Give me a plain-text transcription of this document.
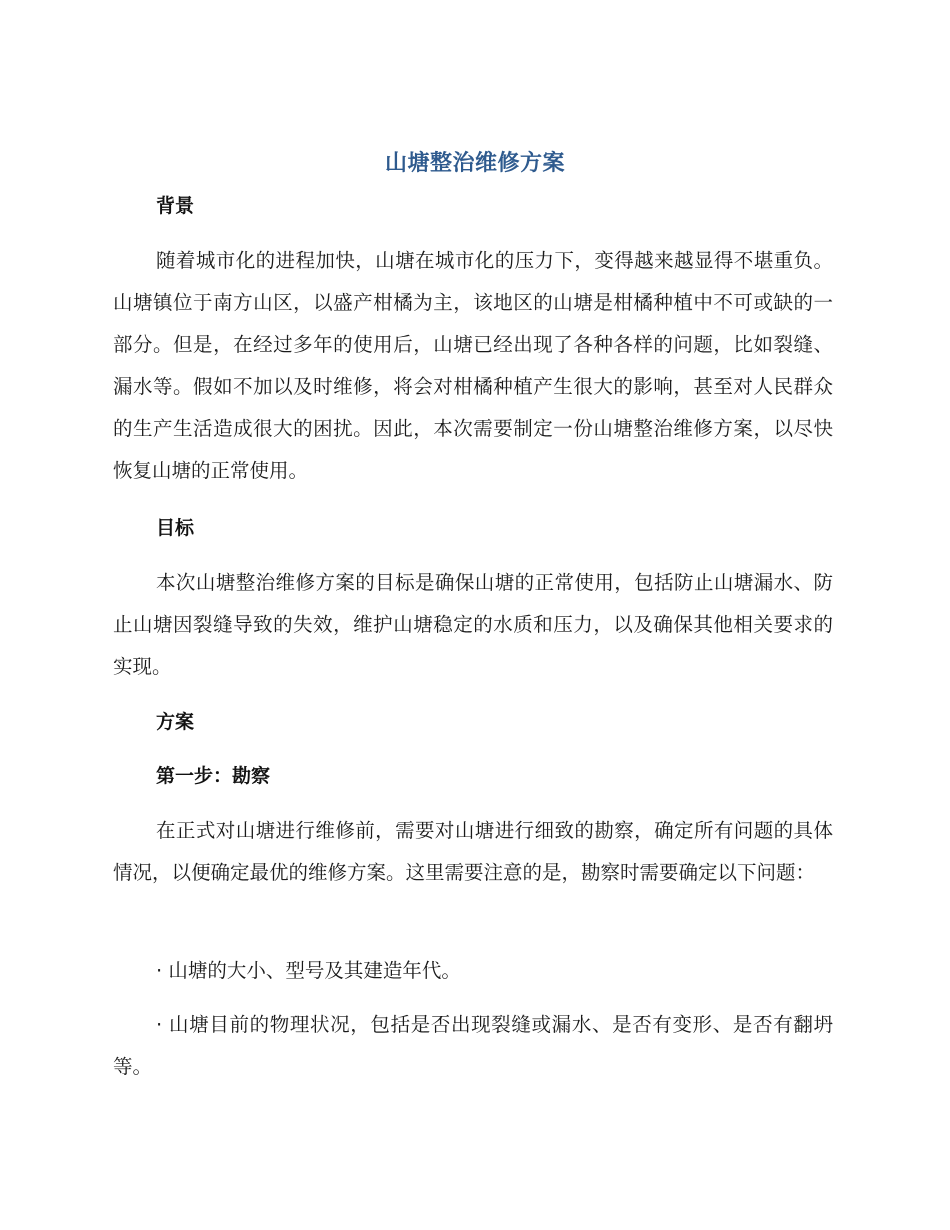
山塘整治维修方案
背景

随着城市化的进程加快，山塘在城市化的压力下，变得越来越显得不堪重负。山塘镇位于南方山区，以盛产柑橘为主，该地区的山塘是柑橘种植中不可或缺的一部分。但是，在经过多年的使用后，山塘已经出现了各种各样的问题，比如裂缝、漏水等。假如不加以及时维修，将会对柑橘种植产生很大的影响，甚至对人民群众的生产生活造成很大的困扰。因此，本次需要制定一份山塘整治维修方案，以尽快恢复山塘的正常使用。

目标

本次山塘整治维修方案的目标是确保山塘的正常使用，包括防止山塘漏水、防止山塘因裂缝导致的失效，维护山塘稳定的水质和压力，以及确保其他相关要求的实现。

方案
第一步：勘察

在正式对山塘进行维修前，需要对山塘进行细致的勘察，确定所有问题的具体情况，以便确定最优的维修方案。这里需要注意的是，勘察时需要确定以下问题：

· 山塘的大小、型号及其建造年代。

· 山塘目前的物理状况，包括是否出现裂缝或漏水、是否有变形、是否有翻坍等。
